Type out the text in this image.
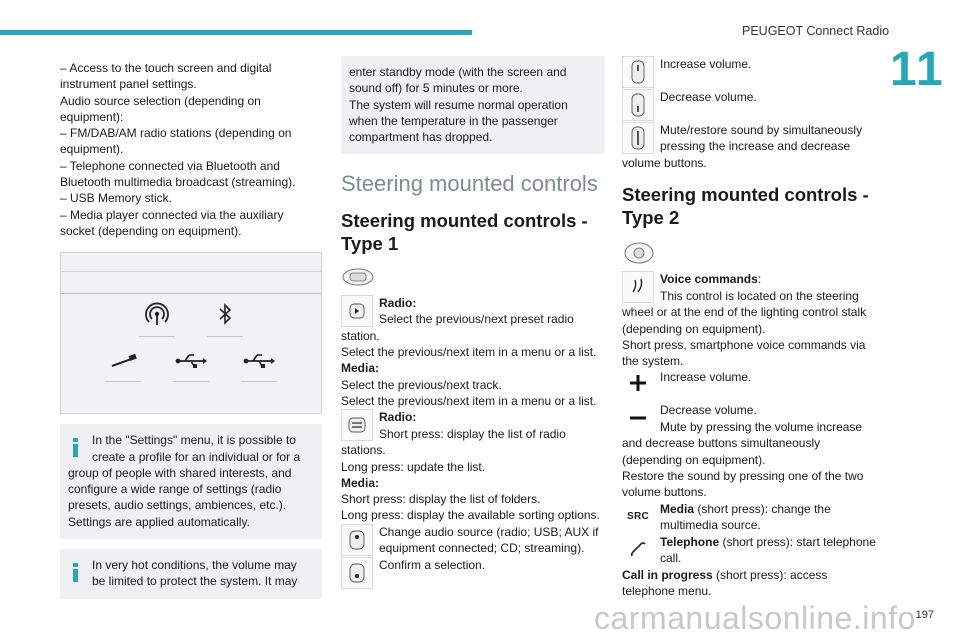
PEUGEOT Connect Radio
11
197

– Access to the touch screen and digital

instrument panel settings.

Audio source selection (depending on

equipment):

– FM/DAB/AM radio stations (depending on

equipment).

– Telephone connected via Bluetooth and

Bluetooth multimedia broadcast (streaming).

– USB Memory stick.

– Media player connected via the auxiliary

socket (depending on equipment).

In the "Settings" menu, it is possible to

create a profile for an individual or for a

group of people with shared interests, and

configure a wide range of settings (radio

presets, audio settings, ambiences, etc.).

Settings are applied automatically.

In very hot conditions, the volume may

be limited to protect the system. It may

enter standby mode (with the screen and

sound off) for 5 minutes or more.

The system will resume normal operation

when the temperature in the passenger

compartment has dropped.

Steering mounted controls
Steering mounted controls -
Type 1
Radio:
Select the previous/next preset radio

station.

Select the previous/next item in a menu or a list.

Media:

Select the previous/next track.

Select the previous/next item in a menu or a list.

Radio:
Short press: display the list of radio

stations.

Long press: update the list.

Media:

Short press: display the list of folders.

Long press: display the available sorting options.

Change audio source (radio; USB; AUX if
equipment connected; CD; streaming).
Confirm a selection.
Increase volume.
Decrease volume.
Mute/restore sound by simultaneously
pressing the increase and decrease

volume buttons.

Steering mounted controls -
Type 2
Voice commands:
This control is located on the steering

wheel or at the end of the lighting control stalk

(depending on equipment).

Short press, smartphone voice commands via

the system.

Increase volume.
Decrease volume.
Mute by pressing the volume increase

and decrease buttons simultaneously

(depending on equipment).

Restore the sound by pressing one of the two

volume buttons.

SRC
Media (short press): change the
multimedia source.
Telephone (short press): start telephone
call.

Call in progress (short press): access

telephone menu.

carmanualsonline.info
